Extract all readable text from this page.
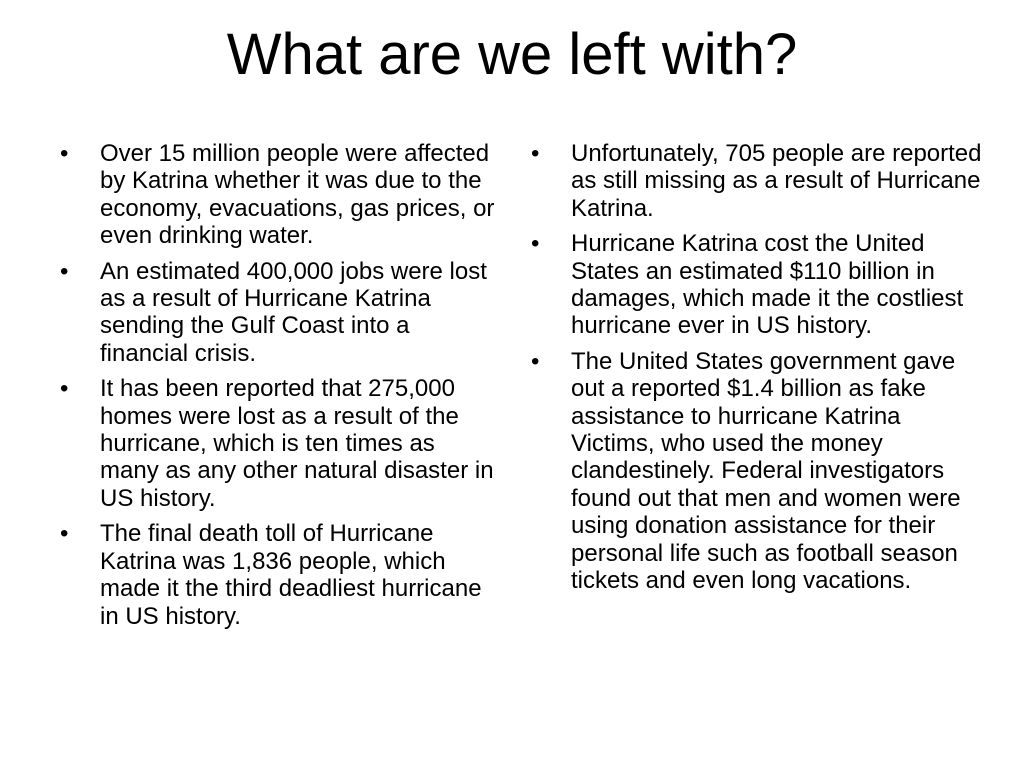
What are we left with?
•	Over 15 million people were affected by Katrina whether it was due to the economy, evacuations, gas prices, or even drinking water.
•	An estimated 400,000 jobs were lost as a result of Hurricane Katrina sending the Gulf Coast into a financial crisis.
•	It has been reported that 275,000 homes were lost as a result of the hurricane, which is ten times as many as any other natural disaster in US history.
•	The final death toll of Hurricane Katrina was 1,836 people, which made it the third deadliest hurricane in US history.
•	Unfortunately, 705 people are reported as still missing as a result of Hurricane Katrina.
•	Hurricane Katrina cost the United States an estimated $110 billion in damages, which made it the costliest hurricane ever in US history.
•	The United States government gave out a reported $1.4 billion as fake assistance to hurricane Katrina Victims, who used the money clandestinely. Federal investigators found out that men and women were using donation assistance for their personal life such as football season tickets and even long vacations.
